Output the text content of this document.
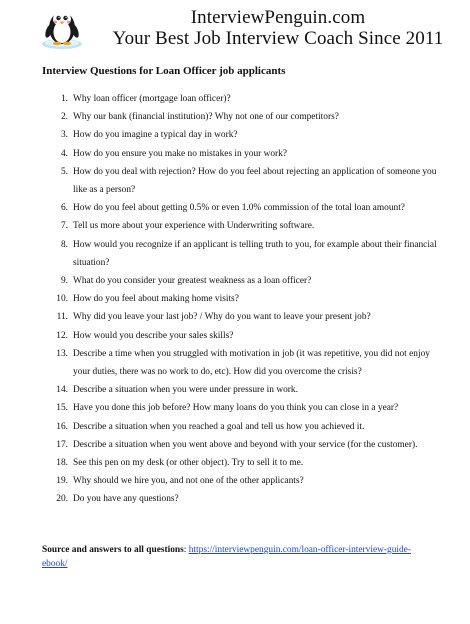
InterviewPenguin.com
Your Best Job Interview Coach Since 2011
Interview Questions for Loan Officer job applicants
1. Why loan officer (mortgage loan officer)?
2. Why our bank (financial institution)? Why not one of our competitors?
3. How do you imagine a typical day in work?
4. How do you ensure you make no mistakes in your work?
5. How do you deal with rejection? How do you feel about rejecting an application of someone you like as a person?
6. How do you feel about getting 0.5% or even 1.0% commission of the total loan amount?
7. Tell us more about your experience with Underwriting software.
8. How would you recognize if an applicant is telling truth to you, for example about their financial situation?
9. What do you consider your greatest weakness as a loan officer?
10. How do you feel about making home visits?
11. Why did you leave your last job? / Why do you want to leave your present job?
12. How would you describe your sales skills?
13. Describe a time when you struggled with motivation in job (it was repetitive, you did not enjoy your duties, there was no work to do, etc). How did you overcome the crisis?
14. Describe a situation when you were under pressure in work.
15. Have you done this job before? How many loans do you think you can close in a year?
16. Describe a situation when you reached a goal and tell us how you achieved it.
17. Describe a situation when you went above and beyond with your service (for the customer).
18. See this pen on my desk (or other object). Try to sell it to me.
19. Why should we hire you, and not one of the other applicants?
20. Do you have any questions?

Source and answers to all questions: https://interviewpenguin.com/loan-officer-interview-guide-ebook/
